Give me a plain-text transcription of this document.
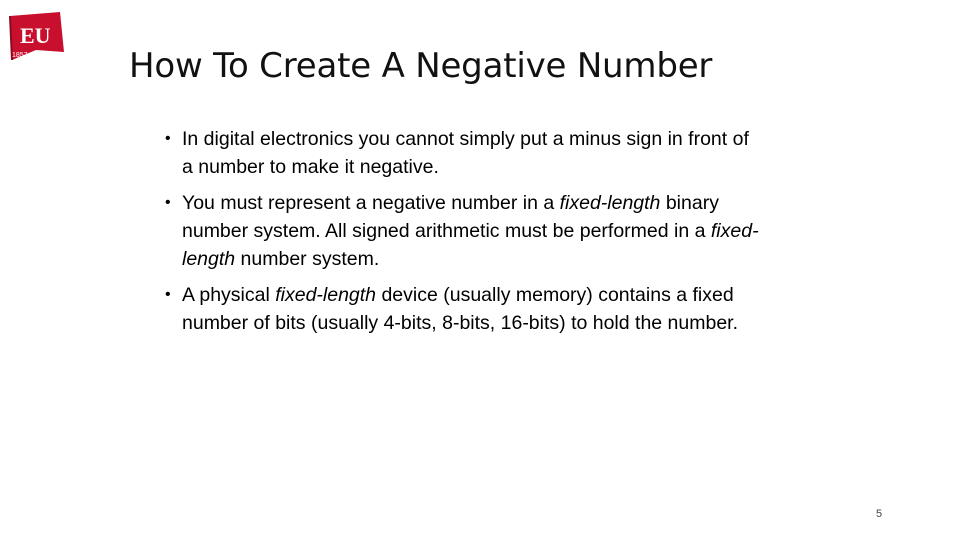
EU
1857	How To Create A Negative Number
• In digital electronics you cannot simply put a minus sign in front of a number to make it negative.
• You must represent a negative number in a fixed-length binary number system. All signed arithmetic must be performed in a fixed-length number system.
• A physical fixed-length device (usually memory) contains a fixed number of bits (usually 4-bits, 8-bits, 16-bits) to hold the number.
5
